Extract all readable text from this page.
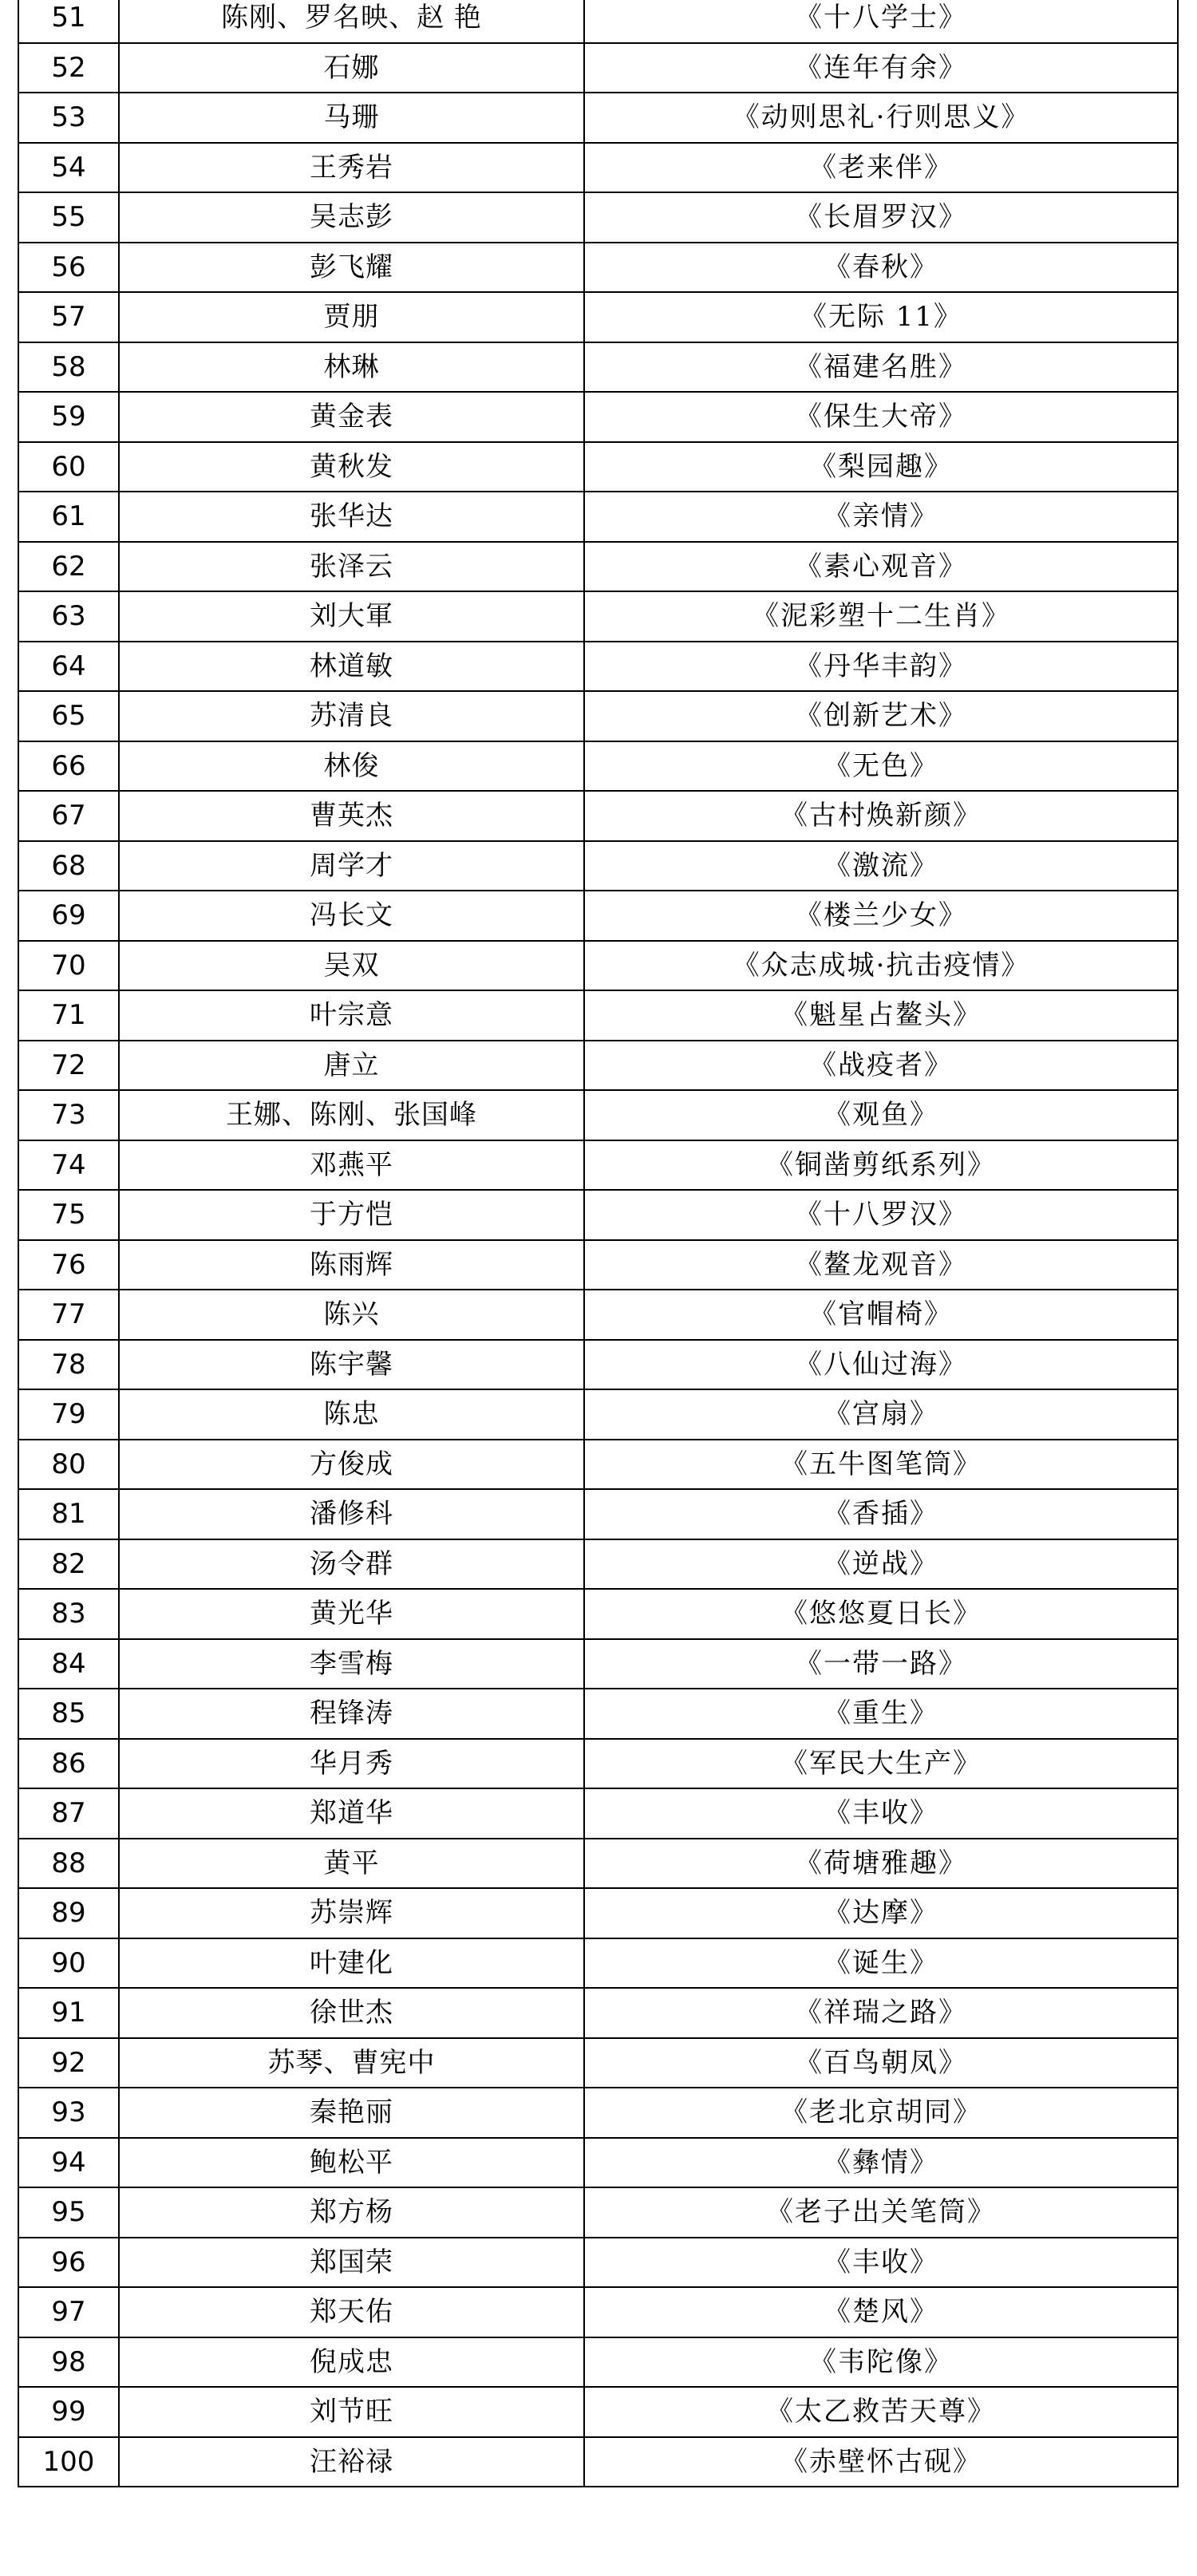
51	陈刚、罗名映、赵 艳	《十八学士》
52	石娜	《连年有余》
53	马珊	《动则思礼·行则思义》
54	王秀岩	《老来伴》
55	吴志彭	《长眉罗汉》
56	彭飞耀	《春秋》
57	贾朋	《无际 11》
58	林琳	《福建名胜》
59	黄金表	《保生大帝》
60	黄秋发	《梨园趣》
61	张华达	《亲情》
62	张泽云	《素心观音》
63	刘大軍	《泥彩塑十二生肖》
64	林道敏	《丹华丰韵》
65	苏清良	《创新艺术》
66	林俊	《无色》
67	曹英杰	《古村焕新颜》
68	周学才	《激流》
69	冯长文	《楼兰少女》
70	吴双	《众志成城·抗击疫情》
71	叶宗意	《魁星占鳌头》
72	唐立	《战疫者》
73	王娜、陈刚、张国峰	《观鱼》
74	邓燕平	《铜凿剪纸系列》
75	于方恺	《十八罗汉》
76	陈雨辉	《鳌龙观音》
77	陈兴	《官帽椅》
78	陈宇馨	《八仙过海》
79	陈忠	《宫扇》
80	方俊成	《五牛图笔筒》
81	潘修科	《香插》
82	汤令群	《逆战》
83	黄光华	《悠悠夏日长》
84	李雪梅	《一带一路》
85	程锋涛	《重生》
86	华月秀	《军民大生产》
87	郑道华	《丰收》
88	黄平	《荷塘雅趣》
89	苏崇辉	《达摩》
90	叶建化	《诞生》
91	徐世杰	《祥瑞之路》
92	苏琴、曹宪中	《百鸟朝凤》
93	秦艳丽	《老北京胡同》
94	鲍松平	《彝情》
95	郑方杨	《老子出关笔筒》
96	郑国荣	《丰收》
97	郑天佑	《楚风》
98	倪成忠	《韦陀像》
99	刘节旺	《太乙救苦天尊》
100	汪裕禄	《赤壁怀古砚》
